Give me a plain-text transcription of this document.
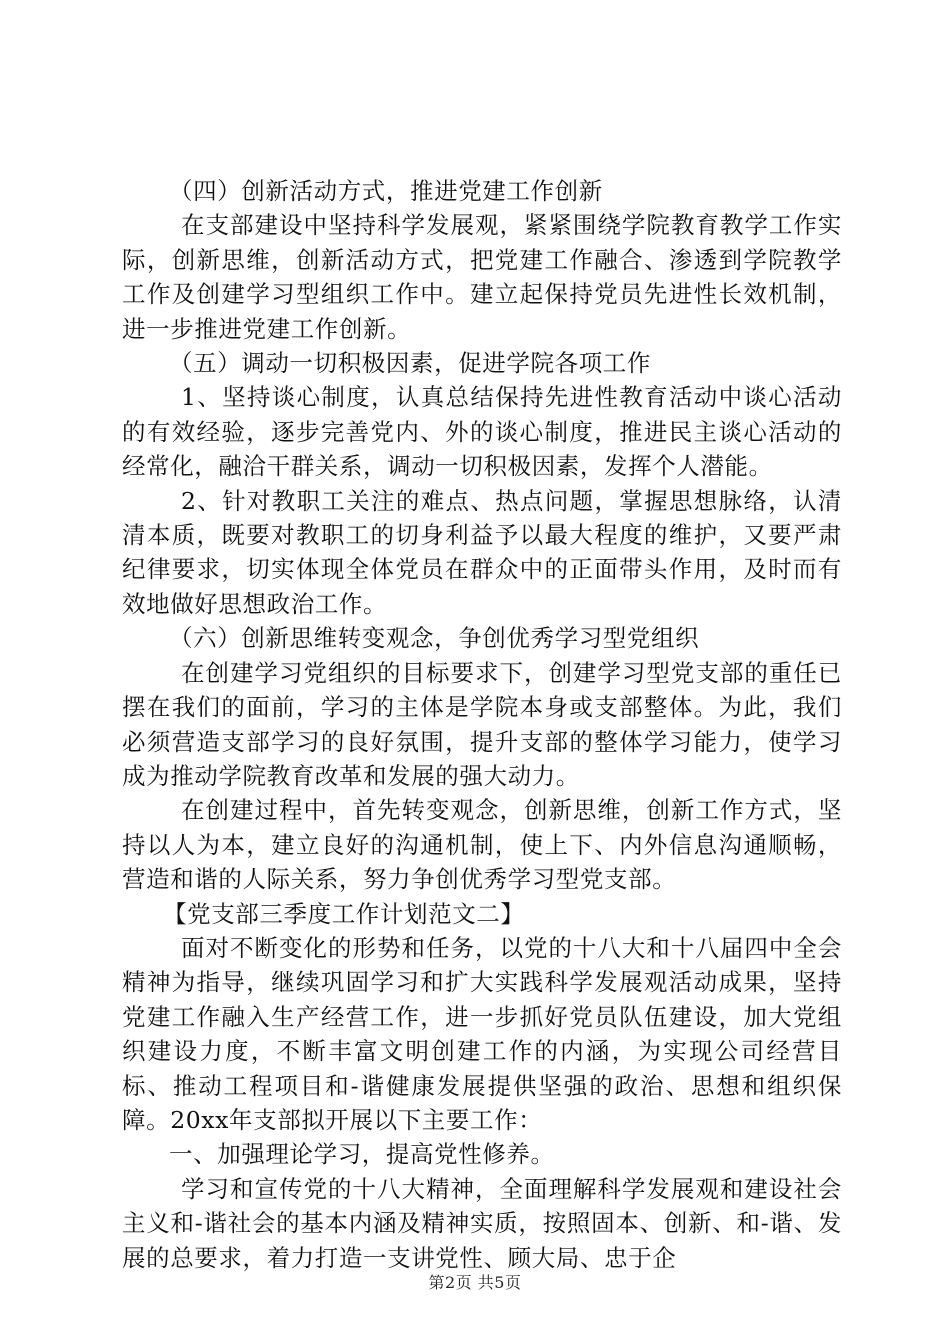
（四）创新活动方式，推进党建工作创新

在支部建设中坚持科学发展观，紧紧围绕学院教育教学工作实际，创新思维，创新活动方式，把党建工作融合、渗透到学院教学工作及创建学习型组织工作中。建立起保持党员先进性长效机制，进一步推进党建工作创新。

（五）调动一切积极因素，促进学院各项工作

1、坚持谈心制度，认真总结保持先进性教育活动中谈心活动的有效经验，逐步完善党内、外的谈心制度，推进民主谈心活动的经常化，融洽干群关系，调动一切积极因素，发挥个人潜能。

2、针对教职工关注的难点、热点问题，掌握思想脉络，认清清本质，既要对教职工的切身利益予以最大程度的维护，又要严肃纪律要求，切实体现全体党员在群众中的正面带头作用，及时而有效地做好思想政治工作。

（六）创新思维转变观念，争创优秀学习型党组织

在创建学习党组织的目标要求下，创建学习型党支部的重任已摆在我们的面前，学习的主体是学院本身或支部整体。为此，我们必须营造支部学习的良好氛围，提升支部的整体学习能力，使学习成为推动学院教育改革和发展的强大动力。

在创建过程中，首先转变观念，创新思维，创新工作方式，坚持以人为本，建立良好的沟通机制，使上下、内外信息沟通顺畅，营造和谐的人际关系，努力争创优秀学习型党支部。

【党支部三季度工作计划范文二】

面对不断变化的形势和任务，以党的十八大和十八届四中全会精神为指导，继续巩固学习和扩大实践科学发展观活动成果，坚持党建工作融入生产经营工作，进一步抓好党员队伍建设，加大党组织建设力度，不断丰富文明创建工作的内涵，为实现公司经营目标、推动工程项目和-谐健康发展提供坚强的政治、思想和组织保障。20xx年支部拟开展以下主要工作：

一、加强理论学习，提高党性修养。

学习和宣传党的十八大精神，全面理解科学发展观和建设社会主义和-谐社会的基本内涵及精神实质，按照固本、创新、和-谐、发展的总要求，着力打造一支讲党性、顾大局、忠于企

第2页 共5页
